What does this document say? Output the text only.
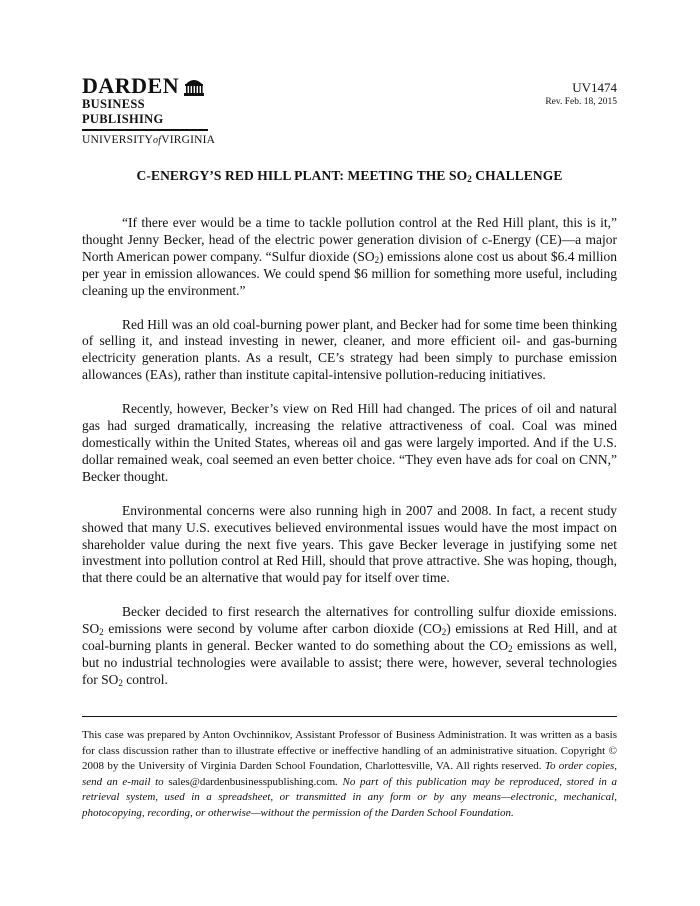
DARDEN
BUSINESS PUBLISHING
UNIVERSITYofVIRGINIA
UV1474
Rev. Feb. 18, 2015
C-ENERGY’S RED HILL PLANT: MEETING THE $SO_2$ CHALLENGE

“If there ever would be a time to tackle pollution control at the Red Hill plant, this is it,” thought Jenny Becker, head of the electric power generation division of c-Energy (CE)—a major North American power company. “Sulfur dioxide $(SO_2)$ emissions alone cost us about $6.4 million per year in emission allowances. We could spend $6 million for something more useful, including cleaning up the environment.”

Red Hill was an old coal-burning power plant, and Becker had for some time been thinking of selling it, and instead investing in newer, cleaner, and more efficient oil- and gas-burning electricity generation plants. As a result, CE’s strategy had been simply to purchase emission allowances (EAs), rather than institute capital-intensive pollution-reducing initiatives.

Recently, however, Becker’s view on Red Hill had changed. The prices of oil and natural gas had surged dramatically, increasing the relative attractiveness of coal. Coal was mined domestically within the United States, whereas oil and gas were largely imported. And if the U.S. dollar remained weak, coal seemed an even better choice. “They even have ads for coal on CNN,” Becker thought.

Environmental concerns were also running high in 2007 and 2008. In fact, a recent study showed that many U.S. executives believed environmental issues would have the most impact on shareholder value during the next five years. This gave Becker leverage in justifying some net investment into pollution control at Red Hill, should that prove attractive. She was hoping, though, that there could be an alternative that would pay for itself over time.

Becker decided to first research the alternatives for controlling sulfur dioxide emissions. $SO_2$ emissions were second by volume after carbon dioxide $(CO_2)$ emissions at Red Hill, and at coal-burning plants in general. Becker wanted to do something about the $CO_2$ emissions as well, but no industrial technologies were available to assist; there were, however, several technologies for $SO_2$ control.

This case was prepared by Anton Ovchinnikov, Assistant Professor of Business Administration. It was written as a basis for class discussion rather than to illustrate effective or ineffective handling of an administrative situation. Copyright © 2008 by the University of Virginia Darden School Foundation, Charlottesville, VA. All rights reserved. To order copies, send an e-mail to sales@dardenbusinesspublishing.com. No part of this publication may be reproduced, stored in a retrieval system, used in a spreadsheet, or transmitted in any form or by any means—electronic, mechanical, photocopying, recording, or otherwise—without the permission of the Darden School Foundation.
